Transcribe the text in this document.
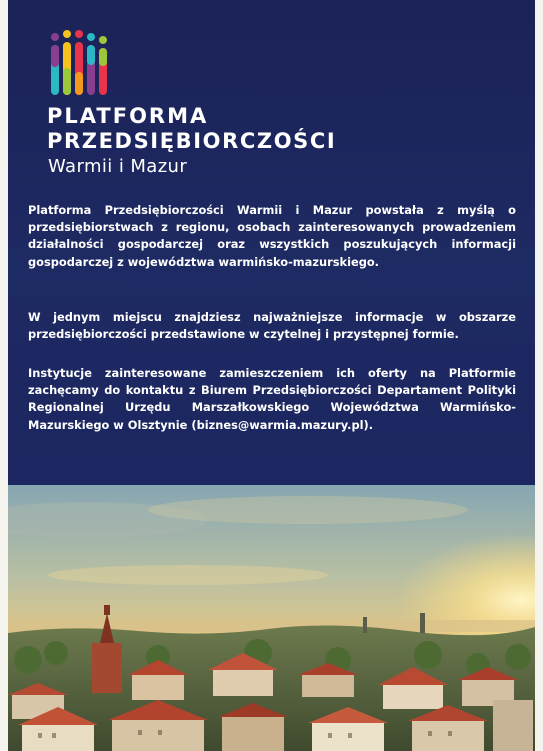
PLATFORMA
PRZEDSIĘBIORCZOŚCI
Warmii i Mazur
Platforma Przedsiębiorczości Warmii i Mazur powstała z myślą o przedsiębiorstwach z regionu, osobach zainteresowanych prowadzeniem działalności gospodarczej oraz wszystkich poszukujących informacji gospodarczej z województwa warmińsko-mazurskiego.
W jednym miejscu znajdziesz najważniejsze informacje w obszarze przedsiębiorczości przedstawione w czytelnej i przystępnej formie.
Instytucje zainteresowane zamieszczeniem ich oferty na Platformie zachęcamy do kontaktu z Biurem Przedsiębiorczości Departament Polityki Regionalnej Urzędu Marszałkowskiego Województwa Warmińsko-Mazurskiego w Olsztynie (biznes@warmia.mazury.pl).
